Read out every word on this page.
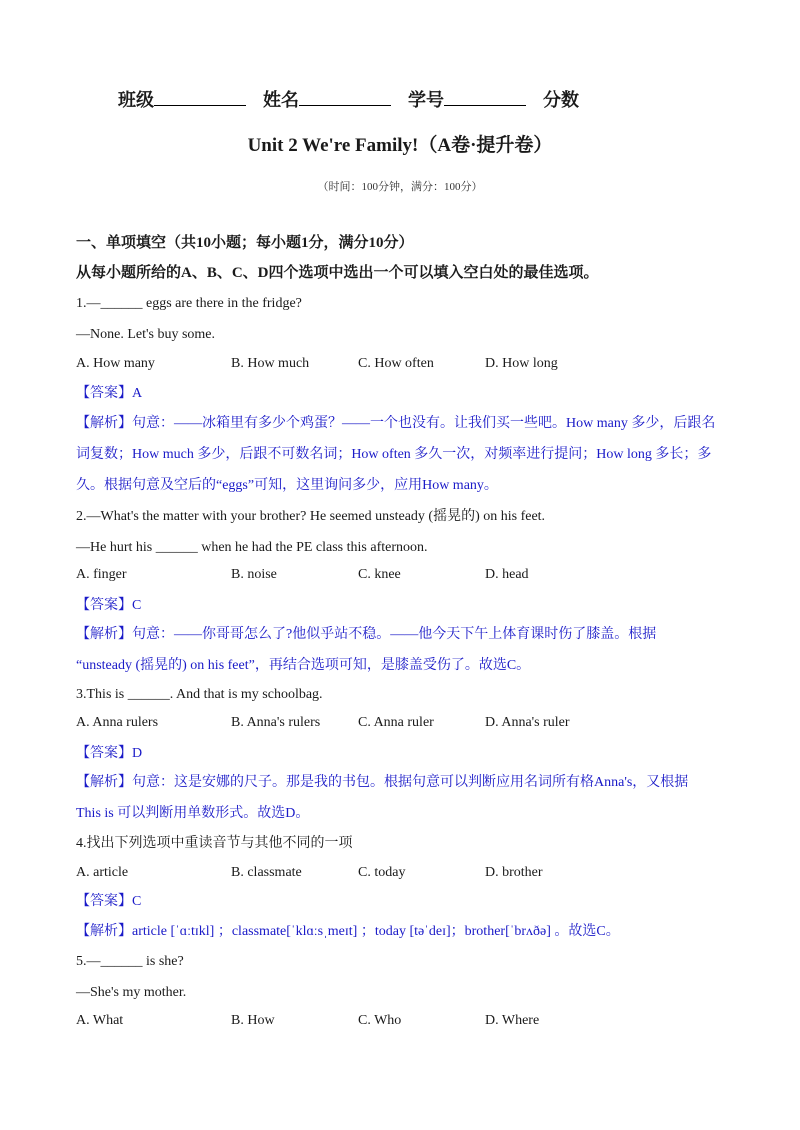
班级	姓名	学号	分数
Unit 2 We're Family!（A卷·提升卷）
（时间：100分钟，满分：100分）
一、单项填空（共10小题；每小题1分，满分10分）
从每小题所给的A、B、C、D四个选项中选出一个可以填入空白处的最佳选项。
1.—______ eggs are there in the fridge?
—None. Let's buy some.
A. How many	B. How much	C. How often	D. How long
【答案】A
【解析】句意：——冰箱里有多少个鸡蛋？——一个也没有。让我们买一些吧。How many 多少，后跟名
词复数；How much 多少，后跟不可数名词；How often 多久一次，对频率进行提问；How long 多长；多
久。根据句意及空后的“eggs”可知，这里询问多少，应用How many。
2.—What's the matter with your brother? He seemed unsteady (摇晃的) on his feet.
—He hurt his ______ when he had the PE class this afternoon.
A. finger	B. noise	C. knee	D. head
【答案】C
【解析】句意：——你哥哥怎么了?他似乎站不稳。——他今天下午上体育课时伤了膝盖。根据
“unsteady (摇晃的) on his feet”，再结合选项可知，是膝盖受伤了。故选C。
3.This is ______. And that is my schoolbag.
A. Anna rulers	B. Anna's rulers	C. Anna ruler	D. Anna's ruler
【答案】D
【解析】句意：这是安娜的尺子。那是我的书包。根据句意可以判断应用名词所有格Anna's，又根据
This is 可以判断用单数形式。故选D。
4.找出下列选项中重读音节与其他不同的一项
A. article	B. classmate	C. today	D. brother
【答案】C
【解析】article [ˈɑːtɪkl] ；classmate[ˈklɑːsˌmeɪt] ；today [təˈdeɪ]；brother[ˈbrʌðə] 。故选C。
5.—______ is she?
—She's my mother.
A. What	B. How	C. Who	D. Where
